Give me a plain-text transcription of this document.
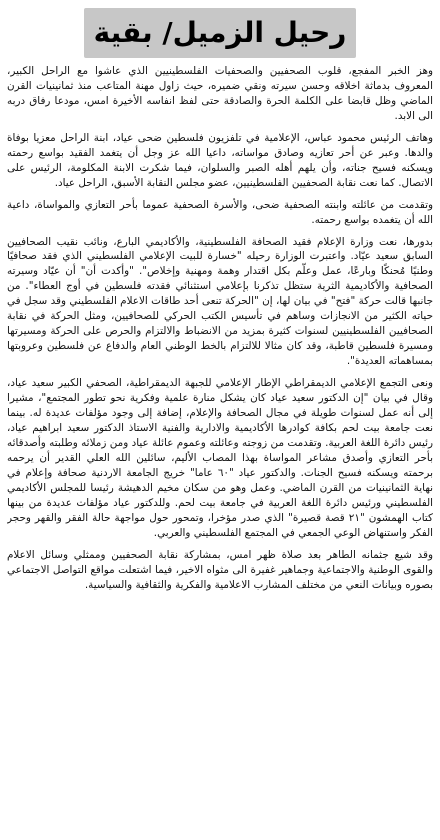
رحيل الزميل/ بقية

وهز الخبر المفجع، قلوب الصحفيين والصحفيات الفلسطينيين الذي عاشوا مع الراحل الكبير، المعروف بدماثة اخلاقه وحسن سيرته ونقي ضميره، حيث زاول مهنة المتاعب منذ ثمانينيات القرن الماضي وظل قابضا على الكلمة الحرة والصادقة حتى لفظ انفاسه الأخيرة امس، مودعا رفاق دربه الى الابد.

وهاتف الرئيس محمود عباس، الإعلامية في تلفزيون فلسطين ضحى عياد، ابنة الراحل معزيا بوفاة والدها. وعبر عن أحر تعازيه وصادق مواساته، داعيا الله عز وجل أن يتغمد الفقيد بواسع رحمته ويسكنه فسيح جناته، وأن يلهم أهله الصبر والسلوان، فيما شكرت الابنة المكلومة، الرئيس على الاتصال. كما نعت نقابة الصحفيين الفلسطينيين، عضو مجلس النقابة الأسبق، الراحل عياد.

وتقدمت من عائلته وابنته الصحفية ضحى، والأسرة الصحفية عموما بأحر التعازي والمواساة، داعية الله أن يتغمده بواسع رحمته.

بدورها، نعت وزارة الإعلام فقيد الصحافة الفلسطينية، والأكاديمي البارع، ونائب نقيب الصحافيين السابق سعيد عيّاد. واعتبرت الوزارة رحيله "خسارة للبيت الإعلامي الفلسطيني الذي فقد صحافيًا وطنيًا مُحنكًا وبارعًا، عمل وعلّم بكل اقتدار وهمة ومهنية وإخلاص". "وأكدت أن" أن عيّاد وسيرته الصحافية والأكاديمية الثرية ستظل تذكرنا بإعلامي استثنائي فقدته فلسطين في أوج العطاء". من جانبها قالت حركة "فتح" في بيان لها، إن "الحركة تنعى أحد طاقات الاعلام الفلسطيني وقد سجل في حياته الكثير من الانجازات وساهم في تأسيس الكتب الحركي للصحافيين، ومثل الحركة في نقابة الصحافيين الفلسطينيين لسنوات كثيرة بمزيد من الانضباط والالتزام والحرص على الحركة ومسيرتها ومسيرة فلسطين قاطبة، وقد كان مثالا للالتزام بالخط الوطني العام والدفاع عن فلسطين وعروبتها بمساهماته العديدة".

ونعى التجمع الإعلامي الديمقراطي الإطار الإعلامي للجبهة الديمقراطية، الصحفي الكبير سعيد عياد، وقال في بيان "إن الدكتور سعيد عياد كان يشكل منارة علمية وفكرية نحو تطور المجتمع"، مشيرا إلى أنه عمل لسنوات طويلة في مجال الصحافة والإعلام، إضافة إلى وجود مؤلفات عديدة له. بينما نعت جامعة بيت لحم بكافة كوادرها الأكاديمية والادارية والفنية الاستاذ الدكتور سعيد ابراهيم عياد، رئيس دائرة اللغة العربية. وتقدمت من زوجته وعائلته وعموم عائلة عياد ومن زملائه وطلبته وأصدقائه بأحر التعازي وأصدق مشاعر المواساة بهذا المصاب الأليم، سائلين الله العلي القدير أن يرحمه برحمته ويسكنه فسيح الجنات. والدكتور عياد "٦٠ عاما" خريج الجامعة الاردنية صحافة وإعلام في نهاية الثمانينيات من القرن الماضي. وعمل وهو من سكان مخيم الدهيشة رئيسا للمجلس الأكاديمي الفلسطيني ورئيس دائرة اللغة العربية في جامعة بيت لحم. وللدكتور عياد مؤلفات عديدة من بينها كتاب الهمشون "٢١ قصة قصيرة" الذي صدر مؤخرا، وتمحور حول مواجهة حالة الفقر والقهر وحجر الفكر واستنهاض الوعي الجمعي في المجتمع الفلسطيني والعربي.

وقد شيع جثمانه الطاهر بعد صلاة ظهر امس، بمشاركة نقابة الصحفيين وممثلي وسائل الاعلام والقوى الوطنية والاجتماعية وجماهير غفيرة الى مثواه الاخير، فيما اشتعلت مواقع التواصل الاجتماعي بصوره وبيانات النعي من مختلف المشارب الاعلامية والفكرية والثقافية والسياسية.
